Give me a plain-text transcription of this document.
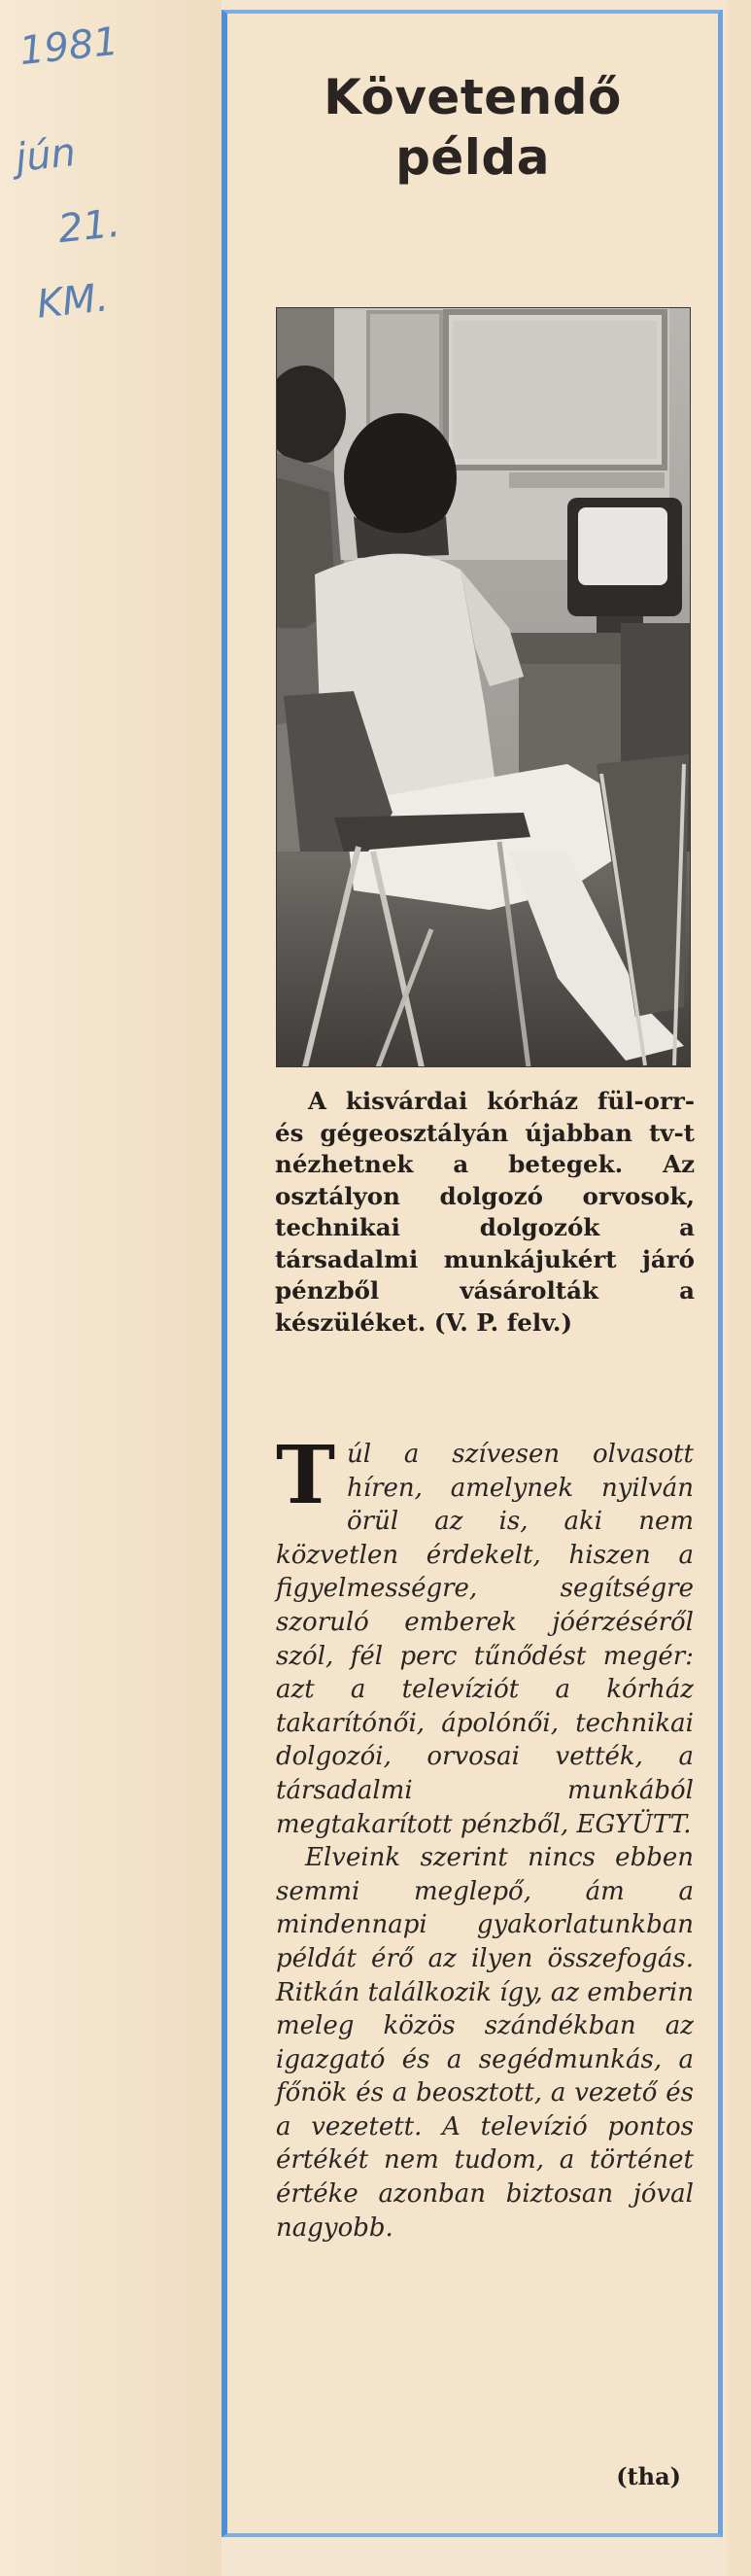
1981
jún
21.
KM.
Követendő
példa

A kisvárdai kórház fül-orr- és gégeosztályán újabban tv-t nézhetnek a betegek. Az osztályon dolgozó orvosok, technikai dolgozók a társadalmi munkájukért járó pénzből vásárolták a készüléket. (V. P. felv.)

Túl a szívesen olvasott híren, amelynek nyilván örül az is, aki nem közvetlen érdekelt, hiszen a figyelmességre, segítségre szoruló emberek jóérzéséről szól, fél perc tűnődést megér: azt a televíziót a kórház takarítónői, ápolónői, technikai dolgozói, orvosai vették, a társadalmi munkából megtakarított pénzből, EGYÜTT.

Elveink szerint nincs ebben semmi meglepő, ám a mindennapi gyakorlatunkban példát érő az ilyen összefogás. Ritkán találkozik így, az emberin meleg közös szándékban az igazgató és a segédmunkás, a főnök és a beosztott, a vezető és a vezetett. A televízió pontos értékét nem tudom, a történet értéke azonban biztosan jóval nagyobb.

(tha)
